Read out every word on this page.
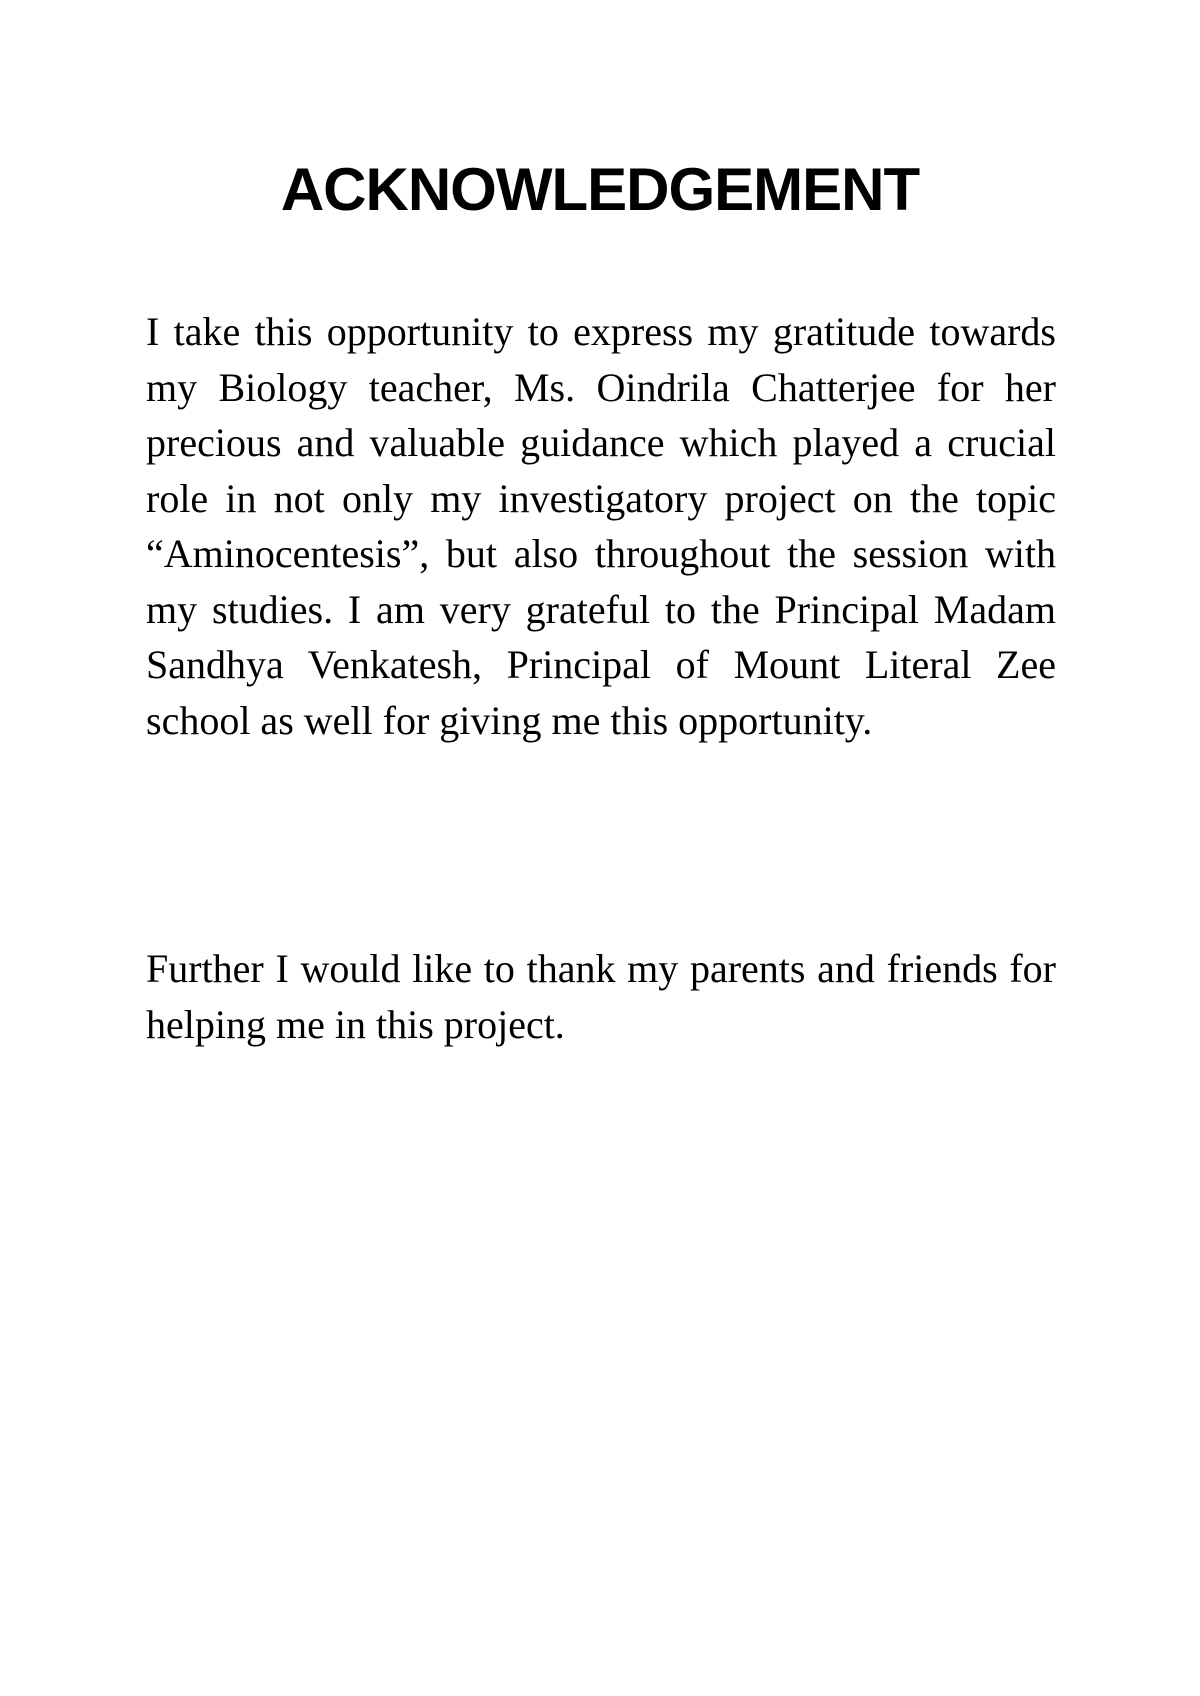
ACKNOWLEDGEMENT

I take this opportunity to express my gratitude towards my Biology teacher, Ms. Oindrila Chatterjee for her precious and valuable guidance which played a crucial role in not only my investigatory project on the topic “Aminocentesis”, but also throughout the session with my studies. I am very grateful to the Principal Madam Sandhya Venkatesh, Principal of Mount Literal Zee school as well for giving me this opportunity.

Further I would like to thank my parents and friends for helping me in this project.
